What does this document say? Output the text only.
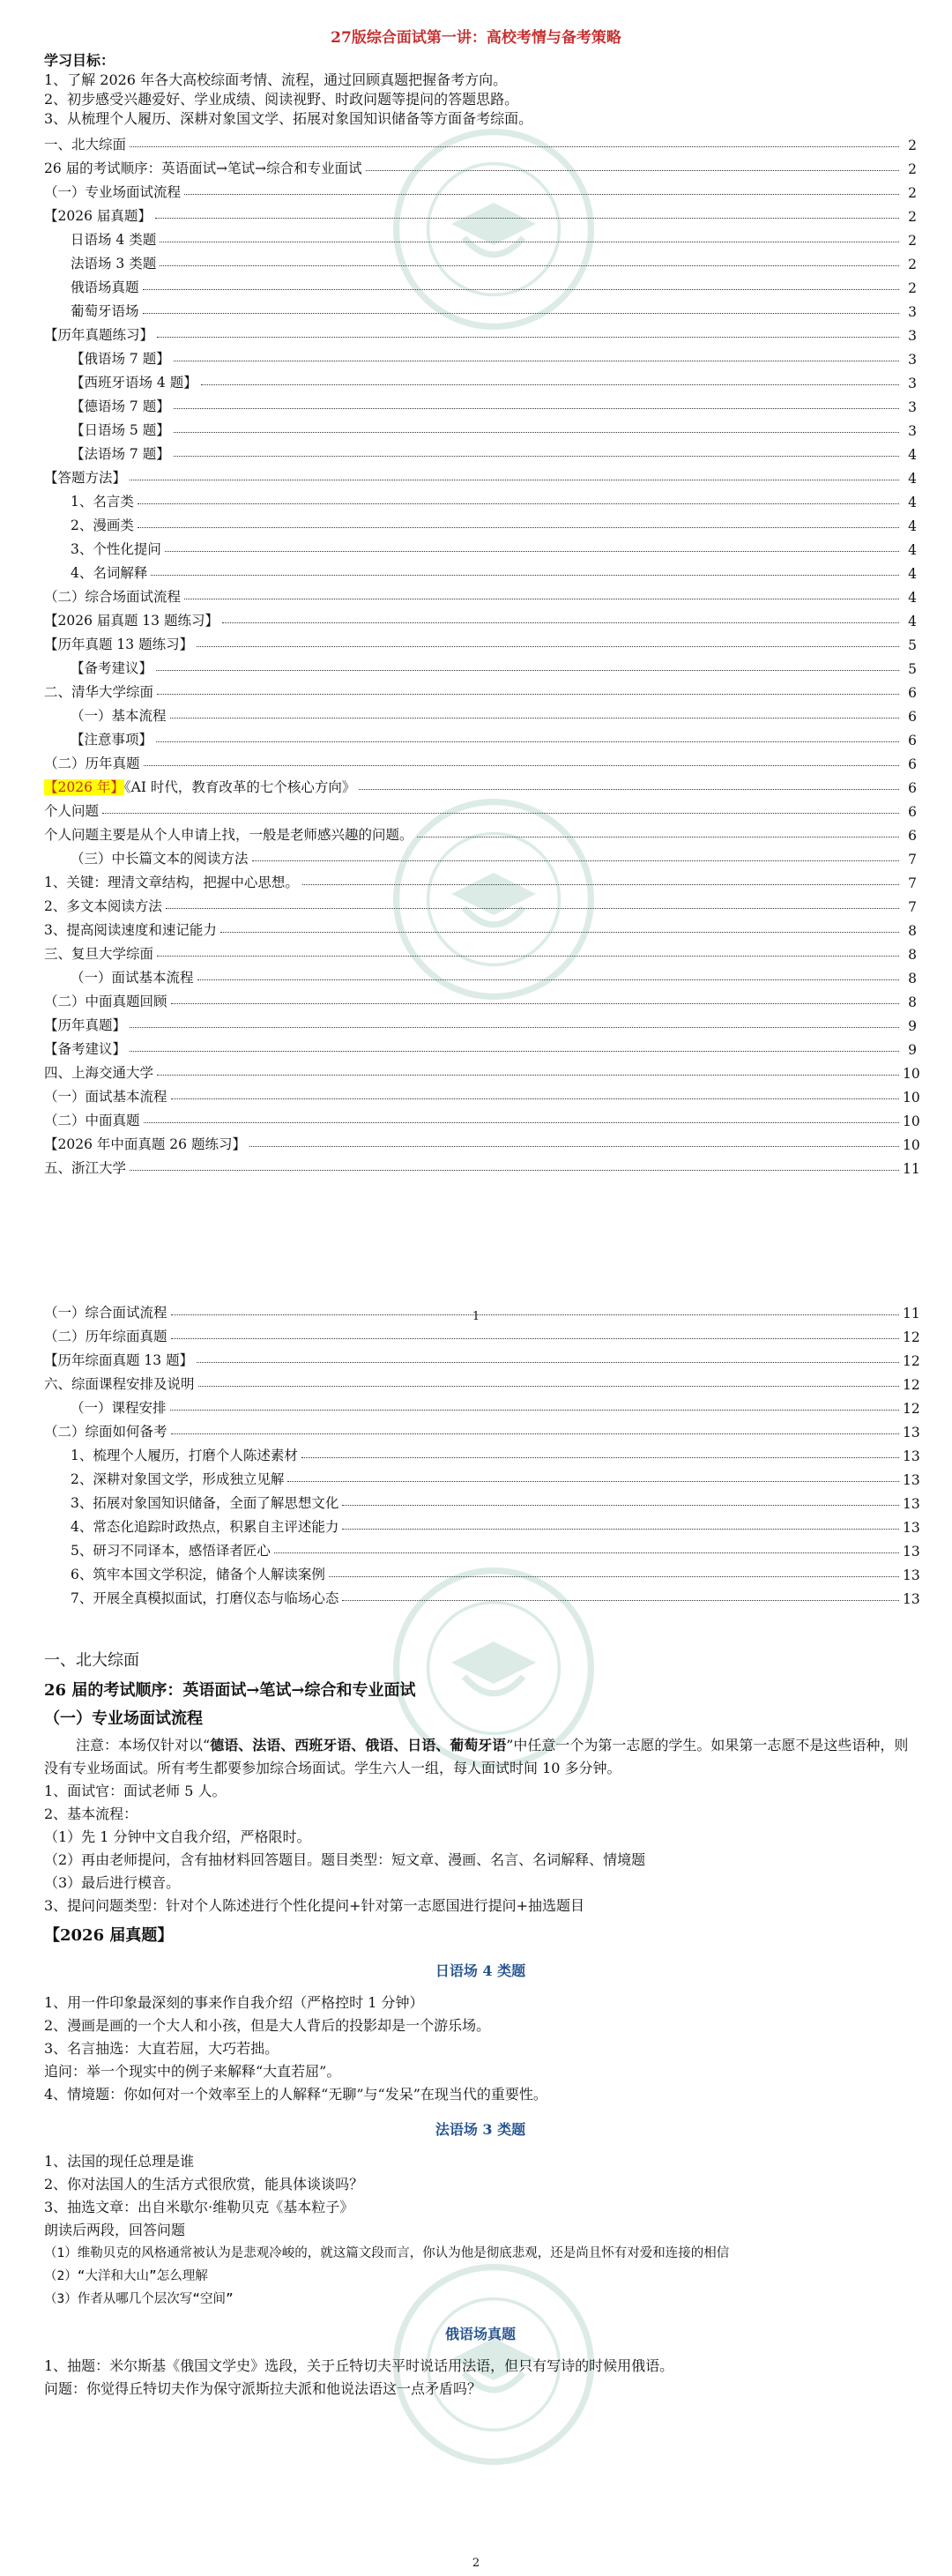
27版综合面试第一讲：高校考情与备考策略
学习目标：
1、了解 2026 年各大高校综面考情、流程，通过回顾真题把握备考方向。
2、初步感受兴趣爱好、学业成绩、阅读视野、时政问题等提问的答题思路。
3、从梳理个人履历、深耕对象国文学、拓展对象国知识储备等方面备考综面。
一、北大综面	2
26 届的考试顺序：英语面试→笔试→综合和专业面试	2
（一）专业场面试流程	2
【2026 届真题】	2
日语场 4 类题	2
法语场 3 类题	2
俄语场真题	2
葡萄牙语场	3
【历年真题练习】	3
【俄语场 7 题】	3
【西班牙语场 4 题】	3
【德语场 7 题】	3
【日语场 5 题】	3
【法语场 7 题】	4
【答题方法】	4
1、名言类	4
2、漫画类	4
3、个性化提问	4
4、名词解释	4
（二）综合场面试流程	4
【2026 届真题 13 题练习】	4
【历年真题 13 题练习】	5
【备考建议】	5
二、清华大学综面	6
（一）基本流程	6
【注意事项】	6
（二）历年真题	6
【2026 年】《AI 时代，教育改革的七个核心方向》	6
个人问题	6
个人问题主要是从个人申请上找，一般是老师感兴趣的问题。	6
（三）中长篇文本的阅读方法	7
1、关键：理清文章结构，把握中心思想。	7
2、多文本阅读方法	7
3、提高阅读速度和速记能力	8
三、复旦大学综面	8
（一）面试基本流程	8
（二）中面真题回顾	8
【历年真题】	9
【备考建议】	9
四、上海交通大学	10
（一）面试基本流程	10
（二）中面真题	10
【2026 年中面真题 26 题练习】	10
五、浙江大学	11
1
（一）综合面试流程	11
（二）历年综面真题	12
【历年综面真题 13 题】	12
六、综面课程安排及说明	12
（一）课程安排	12
（二）综面如何备考	13
1、梳理个人履历，打磨个人陈述素材	13
2、深耕对象国文学，形成独立见解	13
3、拓展对象国知识储备，全面了解思想文化	13
4、常态化追踪时政热点，积累自主评述能力	13
5、研习不同译本，感悟译者匠心	13
6、筑牢本国文学积淀，储备个人解读案例	13
7、开展全真模拟面试，打磨仪态与临场心态	13
一、北大综面
26 届的考试顺序：英语面试→笔试→综合和专业面试
（一）专业场面试流程
注意：本场仅针对以“德语、法语、西班牙语、俄语、日语、葡萄牙语”中任意一个为第一志愿的学生。如果第一志愿不是这些语种，则没有专业场面试。所有考生都要参加综合场面试。学生六人一组，每人面试时间 10 多分钟。
1、面试官：面试老师 5 人。
2、基本流程：
（1）先 1 分钟中文自我介绍，严格限时。
（2）再由老师提问，含有抽材料回答题目。题目类型：短文章、漫画、名言、名词解释、情境题
（3）最后进行模音。
3、提问问题类型：针对个人陈述进行个性化提问+针对第一志愿国进行提问+抽选题目
【2026 届真题】
日语场 4 类题
1、用一件印象最深刻的事来作自我介绍（严格控时 1 分钟）
2、漫画是画的一个大人和小孩，但是大人背后的投影却是一个游乐场。
3、名言抽选：大直若屈，大巧若拙。
追问：举一个现实中的例子来解释“大直若屈”。
4、情境题：你如何对一个效率至上的人解释“无聊”与“发呆”在现当代的重要性。
法语场 3 类题
1、法国的现任总理是谁
2、你对法国人的生活方式很欣赏，能具体谈谈吗？
3、抽选文章：出自米歇尔·维勒贝克《基本粒子》
朗读后两段，回答问题
（1）维勒贝克的风格通常被认为是悲观冷峻的，就这篇文段而言，你认为他是彻底悲观，还是尚且怀有对爱和连接的相信
（2）“大洋和大山”怎么理解
（3）作者从哪几个层次写“空间”
俄语场真题
1、抽题：米尔斯基《俄国文学史》选段，关于丘特切夫平时说话用法语，但只有写诗的时候用俄语。
问题：你觉得丘特切夫作为保守派斯拉夫派和他说法语这一点矛盾吗？
2
